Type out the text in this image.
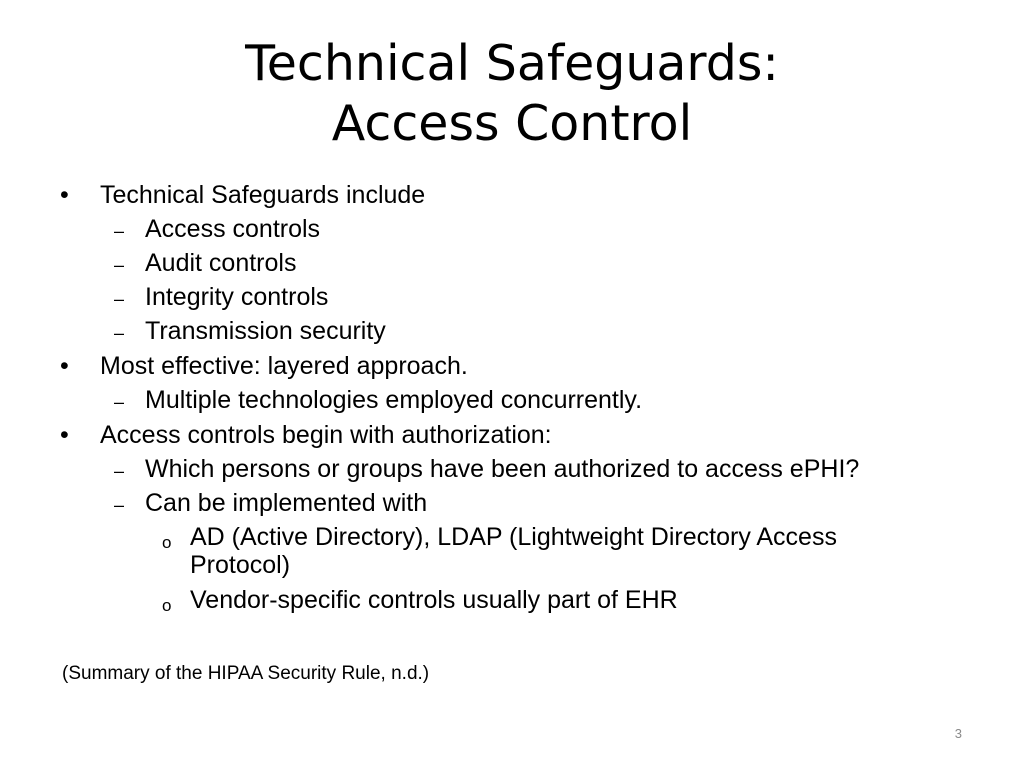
Technical Safeguards:
Access Control
• Technical Safeguards include
– Access controls
– Audit controls
– Integrity controls
– Transmission security
• Most effective: layered approach.
– Multiple technologies employed concurrently.
• Access controls begin with authorization:
– Which persons or groups have been authorized to access ePHI?
– Can be implemented with
o AD (Active Directory), LDAP (Lightweight Directory Access
Protocol)
o Vendor-specific controls usually part of EHR
(Summary of the HIPAA Security Rule, n.d.)
3
